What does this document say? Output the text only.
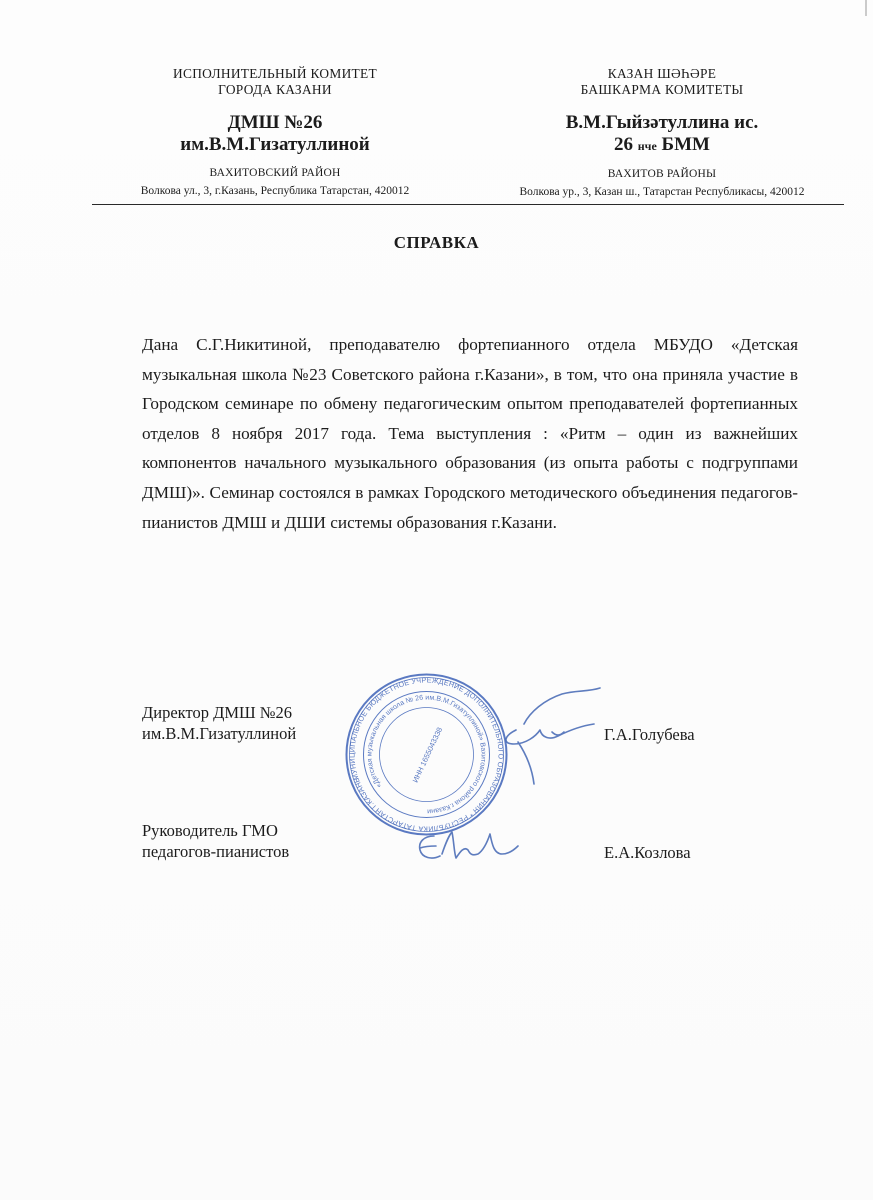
ИСПОЛНИТЕЛЬНЫЙ КОМИТЕТ
ГОРОДА КАЗАНИ
ДМШ №26
им.В.М.Гизатуллиной
ВАХИТОВСКИЙ РАЙОН
Волкова ул., 3, г.Казань, Республика Татарстан, 420012
КАЗАН ШӘҺӘРЕ
БАШКАРМА КОМИТЕТЫ
В.М.Гыйзәтуллина ис.
26 нче БММ
ВАХИТОВ РАЙОНЫ
Волкова ур., 3, Казан ш., Татарстан Республикасы, 420012
СПРАВКА
Дана С.Г.Никитиной, преподавателю фортепианного отдела МБУДО «Детская музыкальная школа №23 Советского района г.Казани», в том, что она приняла участие в Городском семинаре по обмену педагогическим опытом преподавателей фортепианных отделов 8 ноября 2017 года. Тема выступления : «Ритм – один из важнейших компонентов начального музыкального образования (из опыта работы с подгруппами ДМШ)». Семинар состоялся в рамках Городского методического объединения педагогов-пианистов ДМШ и ДШИ системы образования г.Казани.
МУНИЦИПАЛЬНОЕ БЮДЖЕТНОЕ УЧРЕЖДЕНИЕ ДОПОЛНИТЕЛЬНОГО ОБРАЗОВАНИЯ * РЕСПУБЛИКА ТАТАРСТАН Г.КАЗАНЬ
«Детская музыкальная школа № 26 им.В.М.Гизатуллиной» Вахитовского района г.Казани
ИНН 1655043338
Директор ДМШ №26
им.В.М.Гизатуллиной	Г.А.Голубева
Руководитель ГМО
педагогов-пианистов	Е.А.Козлова
